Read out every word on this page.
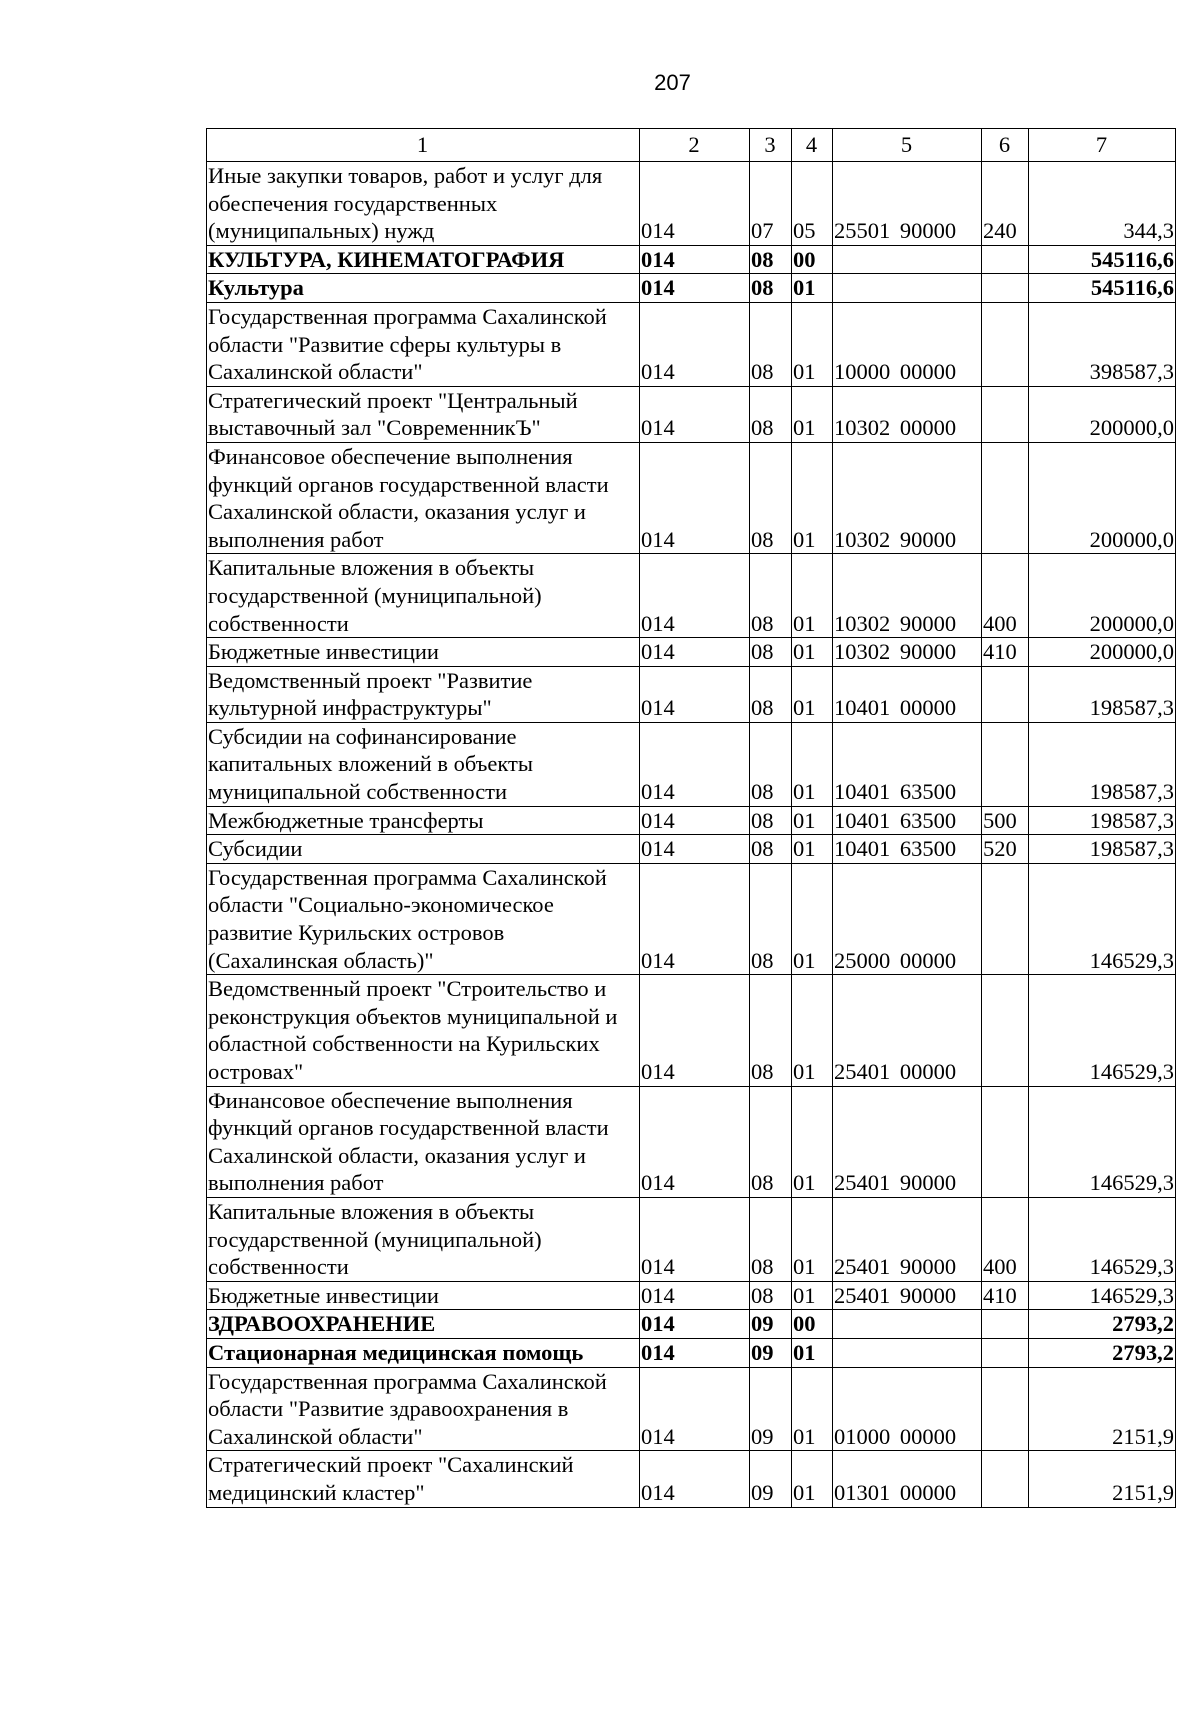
207
1	2	3	4	5	6	7
Иные закупки товаров, работ и услуг для обеспечения государственных (муниципальных) нужд	014	07	05	25501 90000	240	344,3
КУЛЬТУРА, КИНЕМАТОГРАФИЯ	014	08	00			545116,6
Культура	014	08	01			545116,6
Государственная программа Сахалинской области "Развитие сферы культуры в Сахалинской области"	014	08	01	10000 00000		398587,3
Стратегический проект "Центральный выставочный зал "СовременникЪ"	014	08	01	10302 00000		200000,0
Финансовое обеспечение выполнения функций органов государственной власти Сахалинской области, оказания услуг и выполнения работ	014	08	01	10302 90000		200000,0
Капитальные вложения в объекты государственной (муниципальной) собственности	014	08	01	10302 90000	400	200000,0
Бюджетные инвестиции	014	08	01	10302 90000	410	200000,0
Ведомственный проект "Развитие культурной инфраструктуры"	014	08	01	10401 00000		198587,3
Субсидии на софинансирование капитальных вложений в объекты муниципальной собственности	014	08	01	10401 63500		198587,3
Межбюджетные трансферты	014	08	01	10401 63500	500	198587,3
Субсидии	014	08	01	10401 63500	520	198587,3
Государственная программа Сахалинской области "Социально-экономическое развитие Курильских островов (Сахалинская область)"	014	08	01	25000 00000		146529,3
Ведомственный проект "Строительство и реконструкция объектов муниципальной и областной собственности на Курильских островах"	014	08	01	25401 00000		146529,3
Финансовое обеспечение выполнения функций органов государственной власти Сахалинской области, оказания услуг и выполнения работ	014	08	01	25401 90000		146529,3
Капитальные вложения в объекты государственной (муниципальной) собственности	014	08	01	25401 90000	400	146529,3
Бюджетные инвестиции	014	08	01	25401 90000	410	146529,3
ЗДРАВООХРАНЕНИЕ	014	09	00			2793,2
Стационарная медицинская помощь	014	09	01			2793,2
Государственная программа Сахалинской области "Развитие здравоохранения в Сахалинской области"	014	09	01	01000 00000		2151,9
Стратегический проект "Сахалинский медицинский кластер"	014	09	01	01301 00000		2151,9
